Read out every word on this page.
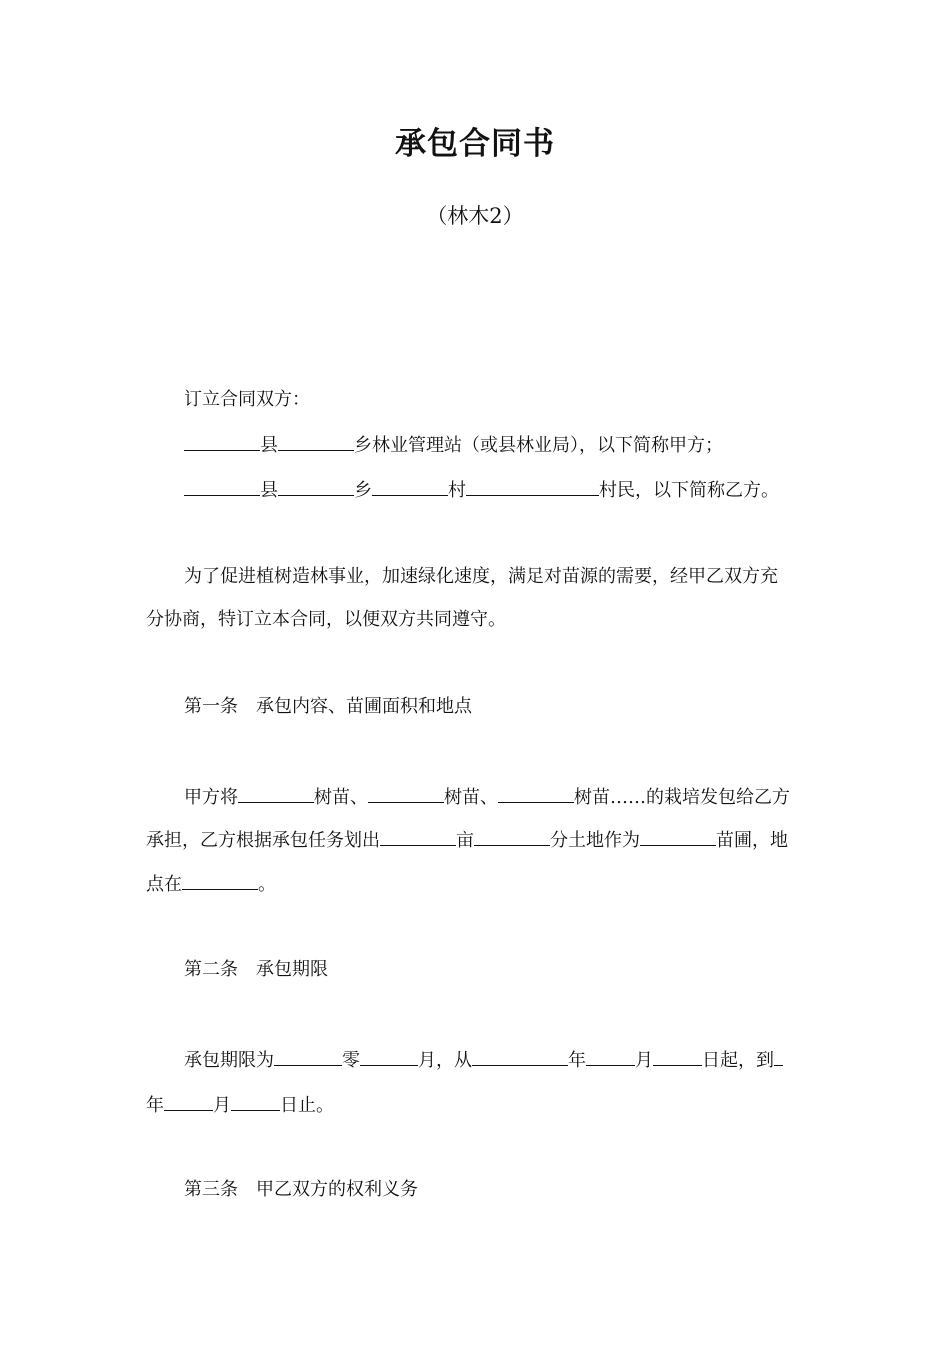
承包合同书
（林木2）
订立合同双方：
县	乡林业管理站（或县林业局），以下简称甲方；
县	乡	村	村民，以下简称乙方。
为了促进植树造林事业，加速绿化速度，满足对苗源的需要，经甲乙双方充
分协商，特订立本合同，以便双方共同遵守。
第一条　承包内容、苗圃面积和地点
甲方将	树苗、	树苗、	树苗……的栽培发包给乙方
承担，乙方根据承包任务划出	亩	分土地作为	苗圃，地
点在	。
第二条　承包期限
承包期限为	零	月，从	年	月	日起，到
年	月	日止。
第三条　甲乙双方的权利义务
